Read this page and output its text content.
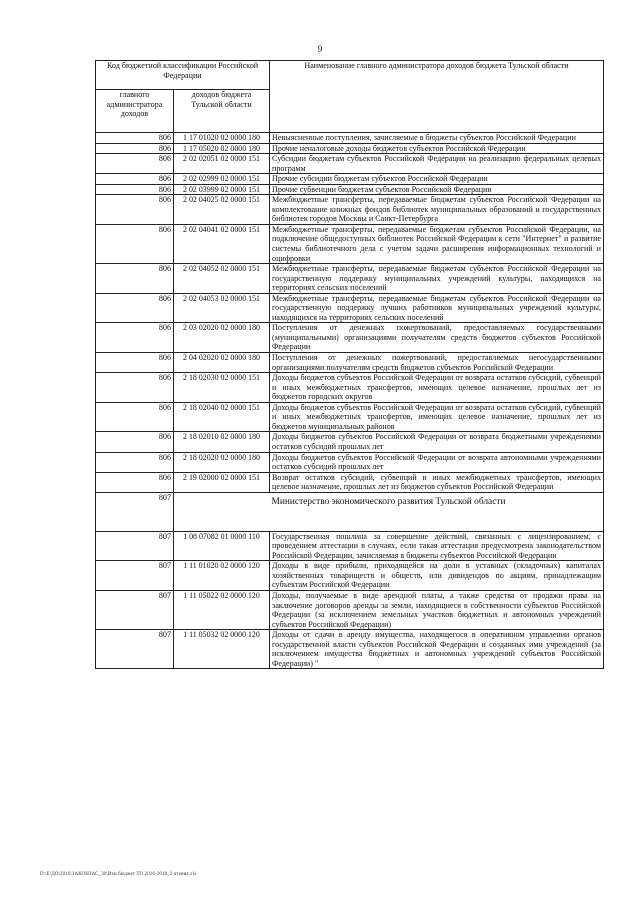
9
Код бюджетной классификации Российской Федерации		Наименование главного администратора доходов бюджета Тульской области
главного администратора доходов	доходов бюджета Тульской области	
806	1 17 01020 02 0000 180	Невыясненные поступления, зачисляемые в бюджеты субъектов Российской Федерации
806	1 17 05020 02 0000 180	Прочие неналоговые доходы бюджетов субъектов Российской Федерации
806	2 02 02051 02 0000 151	Субсидии бюджетам субъектов Российской Федерации на реализацию федеральных целевых программ
806	2 02 02999 02 0000 151	Прочие субсидии бюджетам субъектов Российской Федерации
806	2 02 03999 02 0000 151	Прочие субвенции бюджетам субъектов Российской Федерации
806	2 02 04025 02 0000 151	Межбюджетные трансферты, передаваемые бюджетам субъектов Российской Федерации на комплектование книжных фондов библиотек муниципальных образований и государственных библиотек городов Москвы и Санкт-Петербурга
806	2 02 04041 02 0000 151	Межбюджетные трансферты, передаваемые бюджетам субъектов Российской Федерации, на подключение общедоступных библиотек Российской Федерации к сети "Интернет" и развитие системы библиотечного дела с учетом задачи расширения информационных технологий и оцифровки
806	2 02 04052 02 0000 151	Межбюджетные трансферты, передаваемые бюджетам субъектов Российской Федерации на государственную поддержку муниципальных учреждений культуры, находящихся на территориях сельских поселений
806	2 02 04053 02 0000 151	Межбюджетные трансферты, передаваемые бюджетам субъектов Российской Федерации на государственную поддержку лучших работников муниципальных учреждений культуры, находящихся на территориях сельских поселений
806	2 03 02020 02 0000 180	Поступления от денежных пожертвований, предоставляемых государственными (муниципальными) организациями получателям средств бюджетов субъектов Российской Федерации
806	2 04 02020 02 0000 180	Поступления от денежных пожертвований, предоставляемых негосударственными организациями получателям средств бюджетов субъектов Российской Федерации
806	2 18 02030 02 0000 151	Доходы бюджетов субъектов Российской Федерации от возврата остатков субсидий, субвенций и иных межбюджетных трансфертов, имеющих целевое назначение, прошлых лет из бюджетов городских округов
806	2 18 02040 02 0000 151	Доходы бюджетов субъектов Российской Федерации от возврата остатков субсидий, субвенций и иных межбюджетных трансфертов, имеющих целевое назначение, прошлых лет из бюджетов муниципальных районов
806	2 18 02010 02 0000 180	Доходы бюджетов субъектов Российской Федерации от возврата бюджетными учреждениями остатков субсидий прошлых лет
806	2 18 02020 02 0000 180	Доходы бюджетов субъектов Российской Федерации от возврата автономными учреждениями остатков субсидий прошлых лет
806	2 19 02000 02 0000 151	Возврат остатков субсидий, субвенций и иных межбюджетных трансфертов, имеющих целевое назначение, прошлых лет из бюджетов субъектов Российской Федерации
807	Министерство экономического развития Тульской области	
807	1 08 07082 01 0000 110	Государственная пошлина за совершение действий, связанных с лицензированием, с проведением аттестации в случаях, если такая аттестация предусмотрена законодательством Российской Федерации, зачисляемая в бюджеты субъектов Российской Федерации
807	1 11 01020 02 0000 120	Доходы в виде прибыли, приходящейся на доли в уставных (складочных) капиталах хозяйственных товариществ и обществ, или дивидендов по акциям, принадлежащим субъектам Российской Федерации
807	1 11 05022 02 0000 120	Доходы, получаемые в виде арендной платы, а также средства от продажи права на заключение договоров аренды за земли, находящиеся в собственности субъектов Российской Федерации (за исключением земельных участков бюджетных и автономных учреждений субъектов Российской Федерации)
807	1 11 05032 02 0000 120	Доходы от сдачи в аренду имущества, находящегося в оперативном управлении органов государственной власти субъектов Российской Федерации и созданных ими учреждений (за исключением имущества бюджетных и автономных учреждений субъектов Российской Федерации) "
D:\Е\ДО\2016\ЗАКОНЗАС_30\Изм бюджет ТО 2016-2018_2 чтение.xls
